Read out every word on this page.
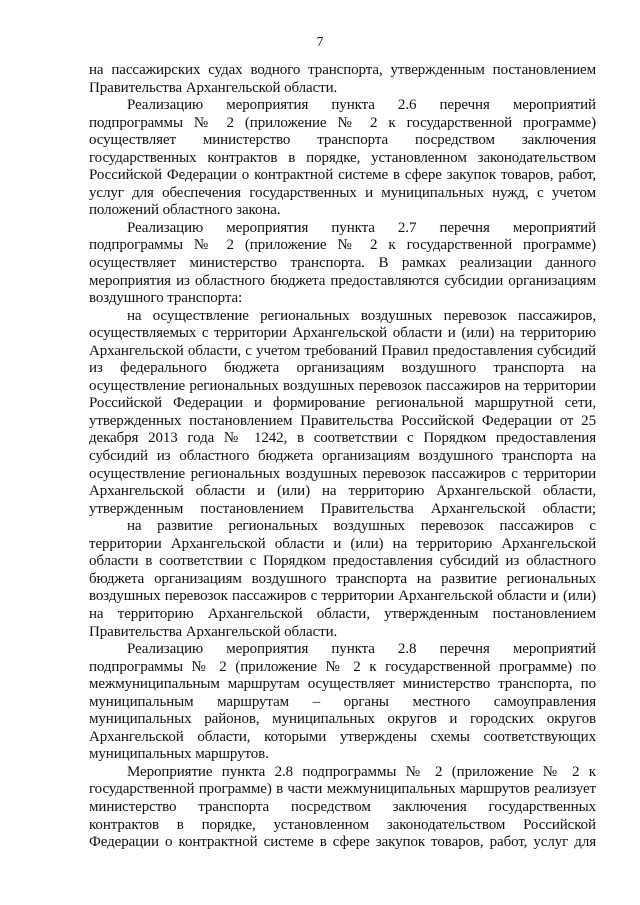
7

на пассажирских судах водного транспорта, утвержденным постановлением Правительства Архангельской области.

Реализацию мероприятия пункта 2.6 перечня мероприятий подпрограммы № 2 (приложение № 2 к государственной программе) осуществляет министерство транспорта посредством заключения государственных контрактов в порядке, установленном законодательством Российской Федерации о контрактной системе в сфере закупок товаров, работ, услуг для обеспечения государственных и муниципальных нужд, с учетом положений областного закона.

Реализацию мероприятия пункта 2.7 перечня мероприятий подпрограммы № 2 (приложение № 2 к государственной программе) осуществляет министерство транспорта. В рамках реализации данного мероприятия из областного бюджета предоставляются субсидии организациям воздушного транспорта:

на осуществление региональных воздушных перевозок пассажиров, осуществляемых с территории Архангельской области и (или) на территорию Архангельской области, с учетом требований Правил предоставления субсидий из федерального бюджета организациям воздушного транспорта на осуществление региональных воздушных перевозок пассажиров на территории Российской Федерации и формирование региональной маршрутной сети, утвержденных постановлением Правительства Российской Федерации от 25 декабря 2013 года № 1242, в соответствии с Порядком предоставления субсидий из областного бюджета организациям воздушного транспорта на осуществление региональных воздушных перевозок пассажиров с территории Архангельской области и (или) на территорию Архангельской области, утвержденным постановлением Правительства Архангельской области;

на развитие региональных воздушных перевозок пассажиров с территории Архангельской области и (или) на территорию Архангельской области в соответствии с Порядком предоставления субсидий из областного бюджета организациям воздушного транспорта на развитие региональных воздушных перевозок пассажиров с территории Архангельской области и (или) на территорию Архангельской области, утвержденным постановлением Правительства Архангельской области.

Реализацию мероприятия пункта 2.8 перечня мероприятий подпрограммы № 2 (приложение № 2 к государственной программе) по межмуниципальным маршрутам осуществляет министерство транспорта, по муниципальным маршрутам – органы местного самоуправления муниципальных районов, муниципальных округов и городских округов Архангельской области, которыми утверждены схемы соответствующих муниципальных маршрутов.

Мероприятие пункта 2.8 подпрограммы № 2 (приложение № 2 к государственной программе) в части межмуниципальных маршрутов реализует министерство транспорта посредством заключения государственных контрактов в порядке, установленном законодательством Российской Федерации о контрактной системе в сфере закупок товаров, работ, услуг для
